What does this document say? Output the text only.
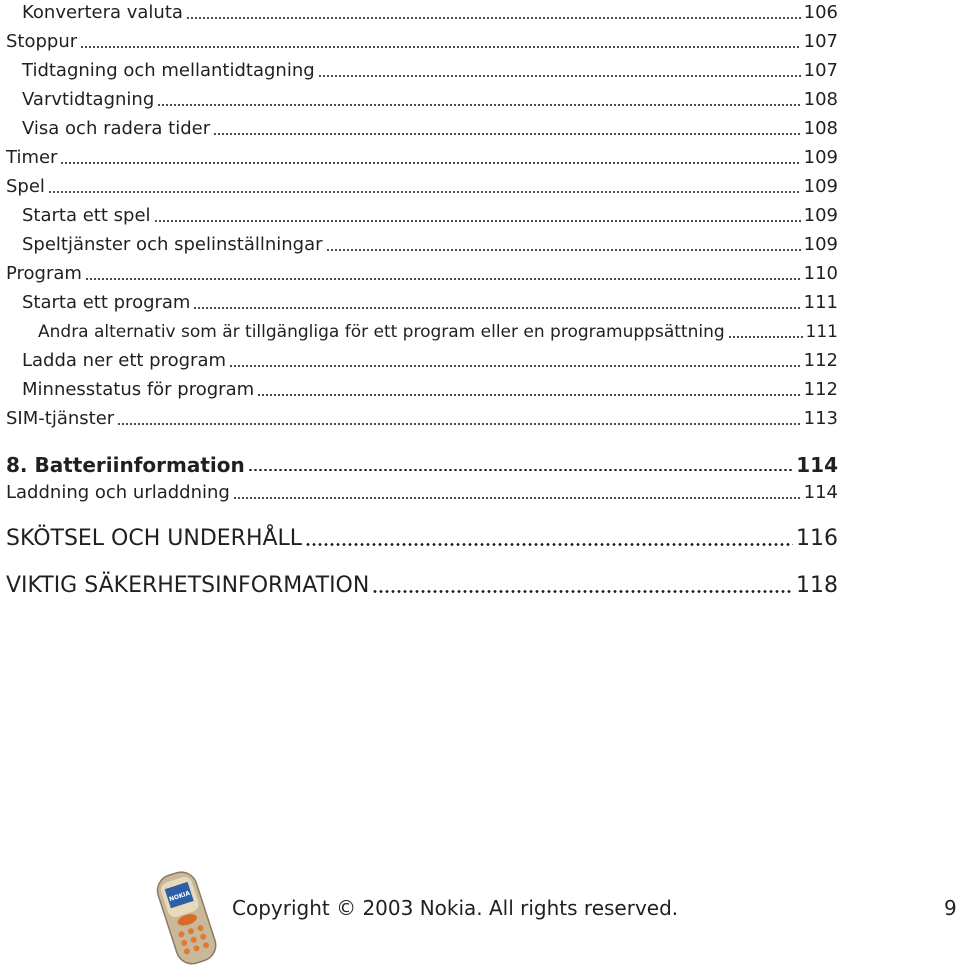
Konvertera valuta	106
Stoppur	107
Tidtagning och mellantidtagning	107
Varvtidtagning	108
Visa och radera tider	108
Timer	109
Spel	109
Starta ett spel	109
Speltjänster och spelinställningar	109
Program	110
Starta ett program	111
Andra alternativ som är tillgängliga för ett program eller en programuppsättning	111
Ladda ner ett program	112
Minnesstatus för program	112
SIM-tjänster	113
8. Batteriinformation	114
Laddning och urladdning	114
SKÖTSEL OCH UNDERHÅLL	116
VIKTIG SÄKERHETSINFORMATION	118
NOKIA Copyright © 2003 Nokia. All rights reserved.	9
